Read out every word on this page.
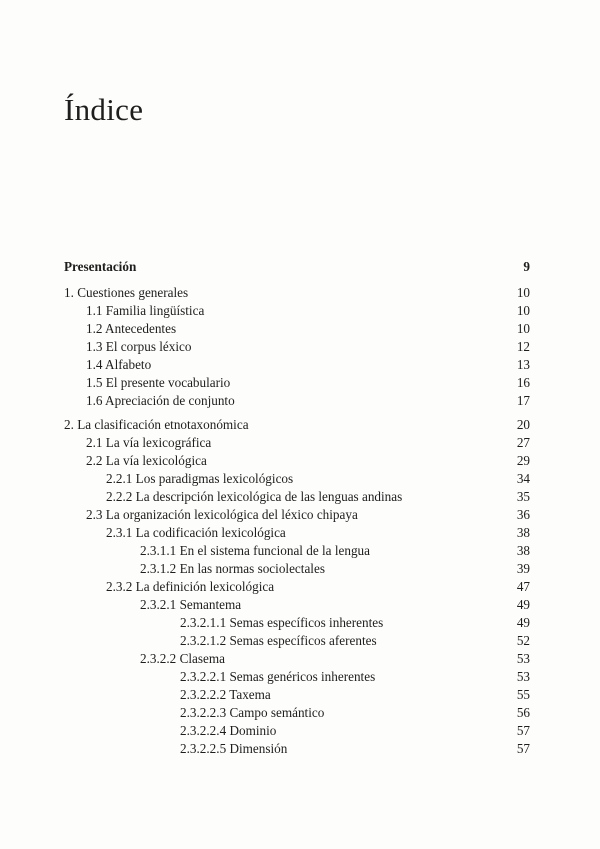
Índice
Presentación	9
1. Cuestiones generales	10
1.1 Familia lingüística	10
1.2 Antecedentes	10
1.3 El corpus léxico	12
1.4 Alfabeto	13
1.5 El presente vocabulario	16
1.6 Apreciación de conjunto	17
2. La clasificación etnotaxonómica	20
2.1 La vía lexicográfica	27
2.2 La vía lexicológica	29
2.2.1 Los paradigmas lexicológicos	34
2.2.2 La descripción lexicológica de las lenguas andinas	35
2.3 La organización lexicológica del léxico chipaya	36
2.3.1 La codificación lexicológica	38
2.3.1.1 En el sistema funcional de la lengua	38
2.3.1.2 En las normas sociolectales	39
2.3.2 La definición lexicológica	47
2.3.2.1 Semantema	49
2.3.2.1.1 Semas específicos inherentes	49
2.3.2.1.2 Semas específicos aferentes	52
2.3.2.2 Clasema	53
2.3.2.2.1 Semas genéricos inherentes	53
2.3.2.2.2 Taxema	55
2.3.2.2.3 Campo semántico	56
2.3.2.2.4 Dominio	57
2.3.2.2.5 Dimensión	57
